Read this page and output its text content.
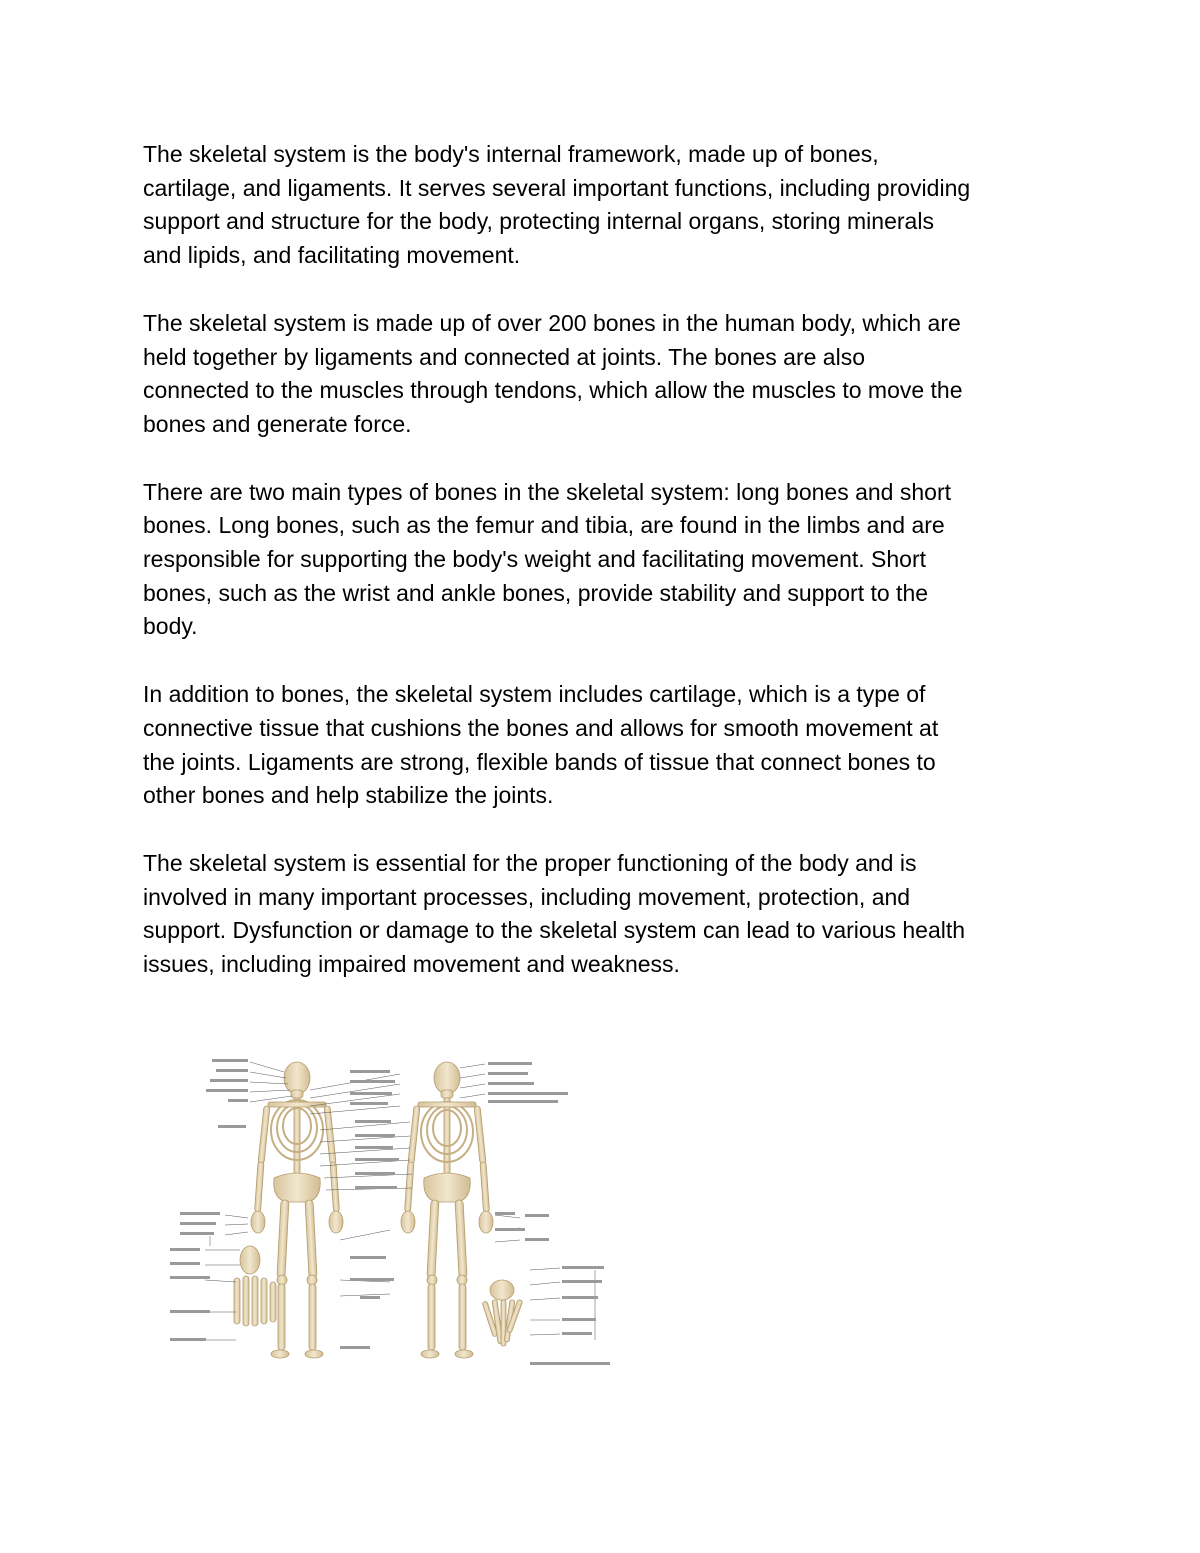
The skeletal system is the body's internal framework, made up of bones,
cartilage, and ligaments. It serves several important functions, including providing
support and structure for the body, protecting internal organs, storing minerals
and lipids, and facilitating movement.

The skeletal system is made up of over 200 bones in the human body, which are
held together by ligaments and connected at joints. The bones are also
connected to the muscles through tendons, which allow the muscles to move the
bones and generate force.

There are two main types of bones in the skeletal system: long bones and short
bones. Long bones, such as the femur and tibia, are found in the limbs and are
responsible for supporting the body's weight and facilitating movement. Short
bones, such as the wrist and ankle bones, provide stability and support to the
body.

In addition to bones, the skeletal system includes cartilage, which is a type of
connective tissue that cushions the bones and allows for smooth movement at
the joints. Ligaments are strong, flexible bands of tissue that connect bones to
other bones and help stabilize the joints.

The skeletal system is essential for the proper functioning of the body and is
involved in many important processes, including movement, protection, and
support. Dysfunction or damage to the skeletal system can lead to various health
issues, including impaired movement and weakness.
